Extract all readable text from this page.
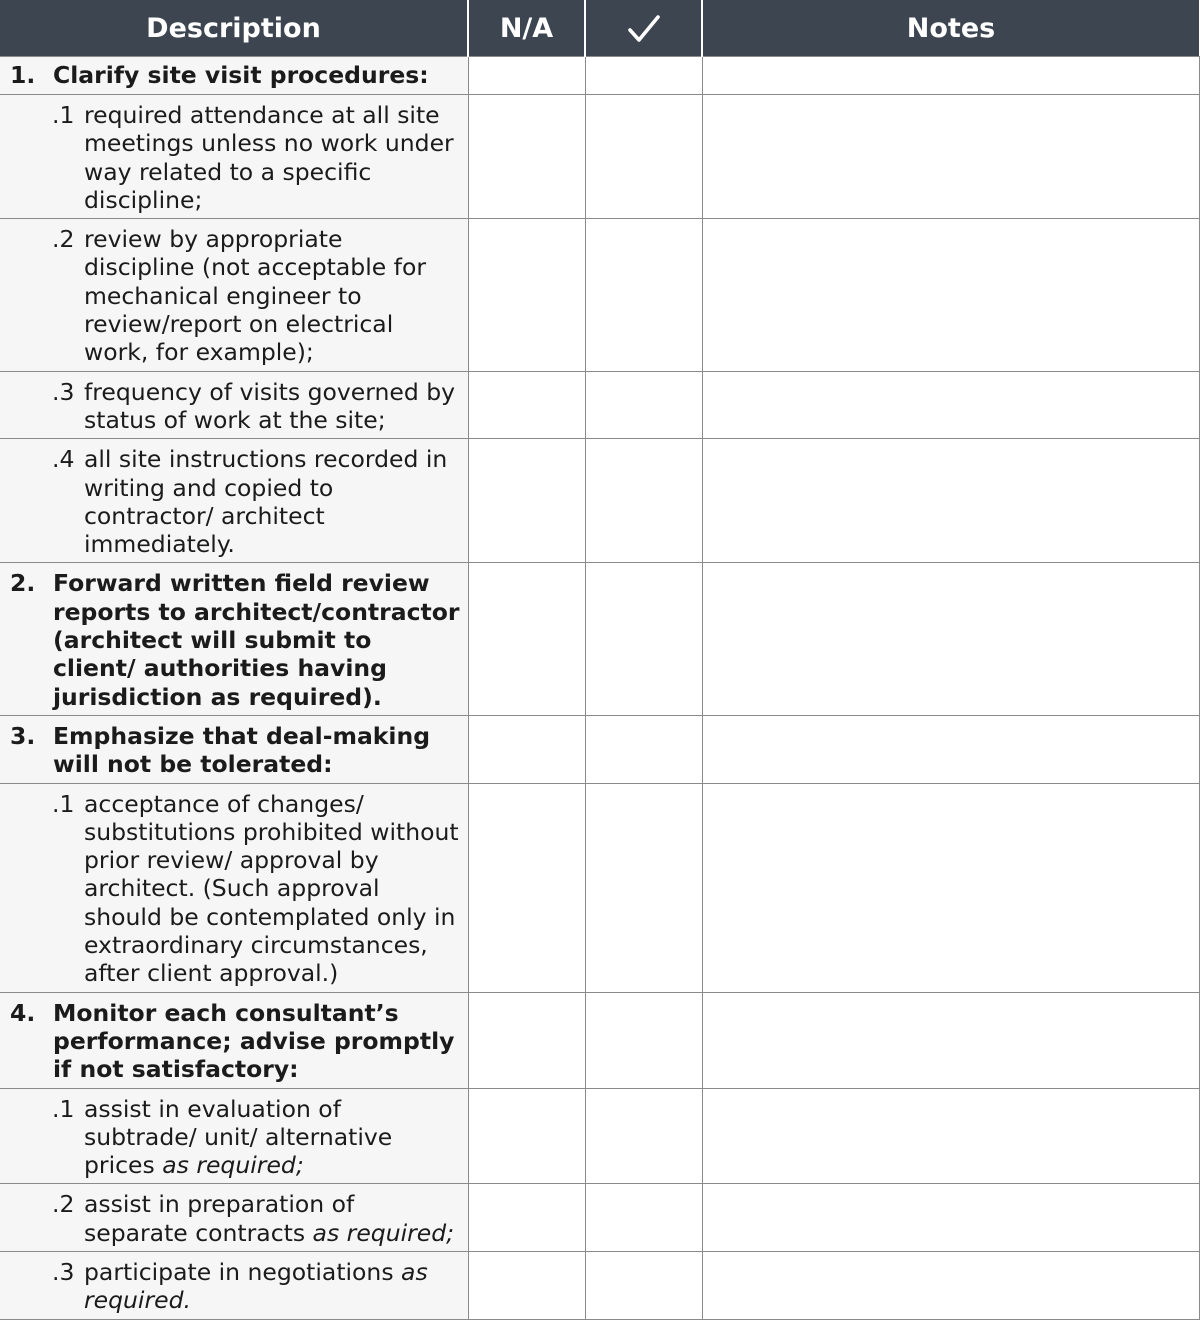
Description	N/A		Notes

1. Clarify site visit procedures:			

.1 required attendance at all site meetings unless no work under way related to a specific discipline;			

.2 review by appropriate discipline (not acceptable for mechanical engineer to review/report on electrical work, for example);			

.3 frequency of visits governed by status of work at the site;			

.4 all site instructions recorded in writing and copied to contractor/ architect immediately.			

2. Forward written field review reports to architect/contractor (architect will submit to client/ authorities having jurisdiction as required).			

3. Emphasize that deal-making will not be tolerated:			

.1 acceptance of changes/ substitutions prohibited without prior review/ approval by architect. (Such approval should be contemplated only in extraordinary circumstances, after client approval.)			

4. Monitor each consultant’s performance; advise promptly if not satisfactory:			

.1 assist in evaluation of subtrade/ unit/ alternative prices as required;			

.2 assist in preparation of separate contracts as required;			

.3 participate in negotiations as required.			
